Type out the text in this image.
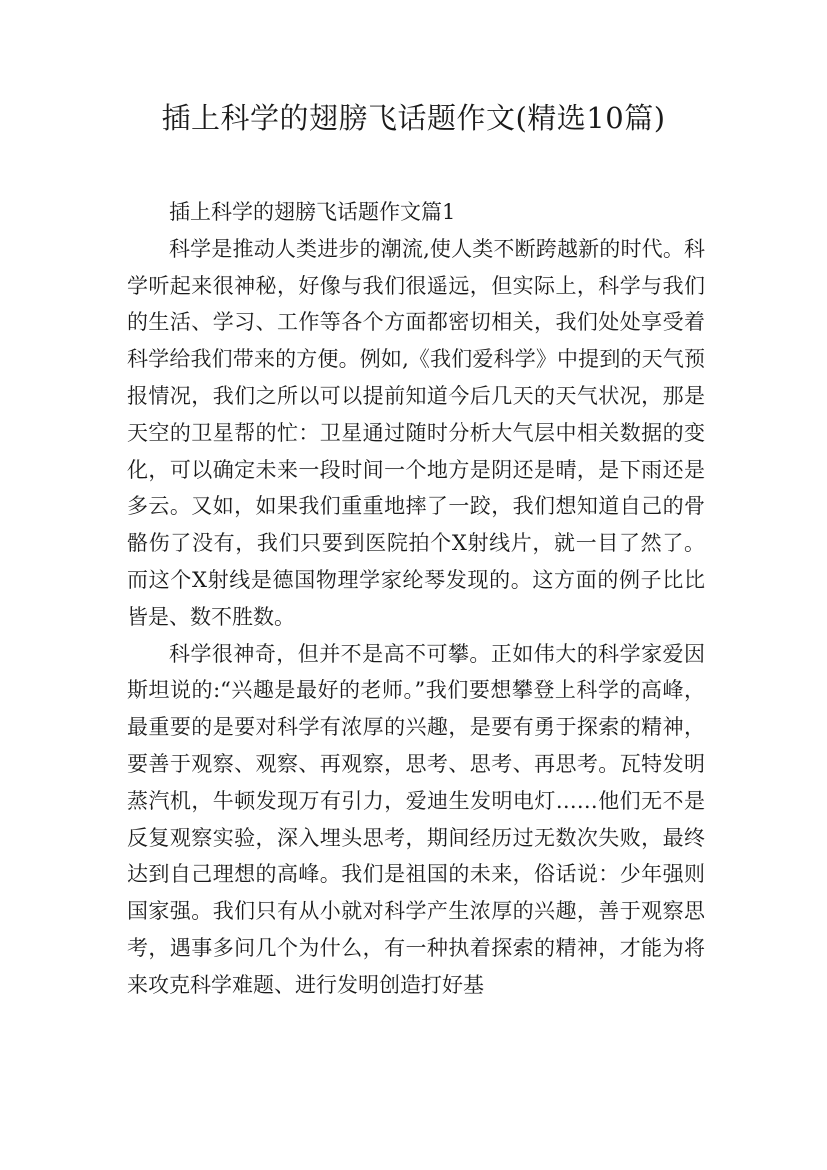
插上科学的翅膀飞话题作文(精选10篇)

插上科学的翅膀飞话题作文篇1

科学是推动人类进步的潮流,使人类不断跨越新的时代。科学听起来很神秘，好像与我们很遥远，但实际上，科学与我们的生活、学习、工作等各个方面都密切相关，我们处处享受着科学给我们带来的方便。例如,《我们爱科学》中提到的天气预报情况，我们之所以可以提前知道今后几天的天气状况，那是天空的卫星帮的忙：卫星通过随时分析大气层中相关数据的变化，可以确定未来一段时间一个地方是阴还是晴，是下雨还是多云。又如，如果我们重重地摔了一跤，我们想知道自己的骨骼伤了没有，我们只要到医院拍个X射线片，就一目了然了。而这个X射线是德国物理学家纶琴发现的。这方面的例子比比皆是、数不胜数。

科学很神奇，但并不是高不可攀。正如伟大的科学家爱因斯坦说的:“兴趣是最好的老师。”我们要想攀登上科学的高峰，最重要的是要对科学有浓厚的兴趣，是要有勇于探索的精神，要善于观察、观察、再观察，思考、思考、再思考。瓦特发明蒸汽机，牛顿发现万有引力，爱迪生发明电灯……他们无不是反复观察实验，深入埋头思考，期间经历过无数次失败，最终达到自己理想的高峰。我们是祖国的未来，俗话说：少年强则国家强。我们只有从小就对科学产生浓厚的兴趣，善于观察思考，遇事多问几个为什么，有一种执着探索的精神，才能为将来攻克科学难题、进行发明创造打好基
